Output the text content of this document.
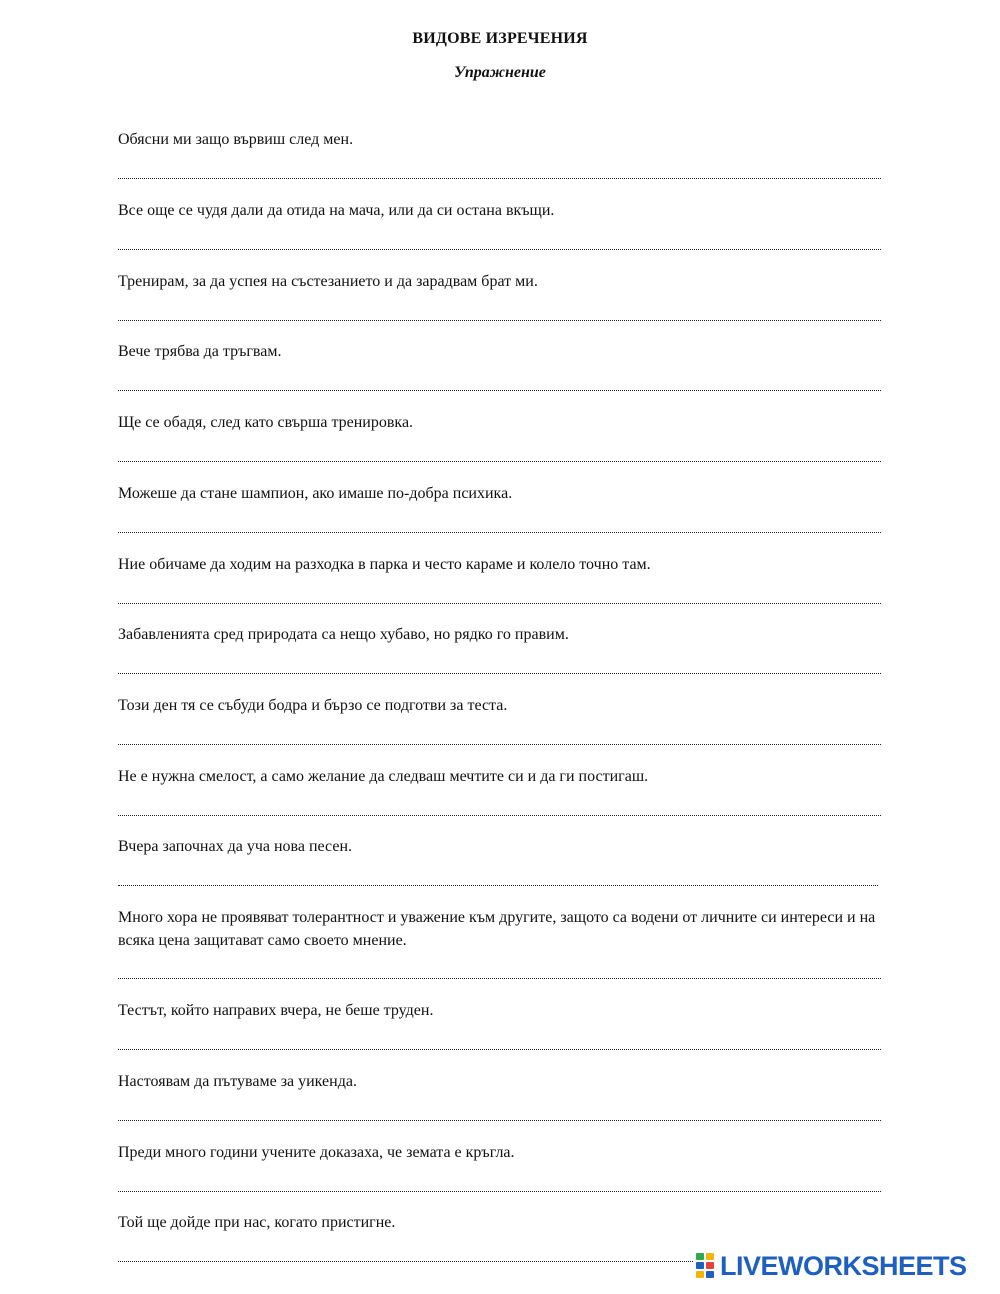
ВИДОВЕ ИЗРЕЧЕНИЯ
Упражнение

Обясни ми защо вървиш след мен.

Все още се чудя дали да отида на мача, или да си остана вкъщи.

Тренирам, за да успея на състезанието и да зарадвам брат ми.

Вече трябва да тръгвам.

Ще се обадя, след като свърша тренировка.

Можеше да стане шампион, ако имаше по-добра психика.

Ние обичаме да ходим на разходка в парка и често караме и колело точно там.

Забавленията сред природата са нещо хубаво, но рядко го правим.

Този ден тя се събуди бодра и бързо се подготви за теста.

Не е нужна смелост, а само желание да следваш мечтите си и да ги постигаш.

Вчера започнах да уча нова песен.

Много хора не проявяват толерантност и уважение към другите, защото са водени от личните си интереси и на всяка цена защитават само своето мнение.

Тестът, който направих вчера, не беше труден.

Настоявам да пътуваме за уикенда.

Преди много години учените доказаха, че земата е кръгла.

Той ще дойде при нас, когато пристигне.

LIVEWORKSHEETS
